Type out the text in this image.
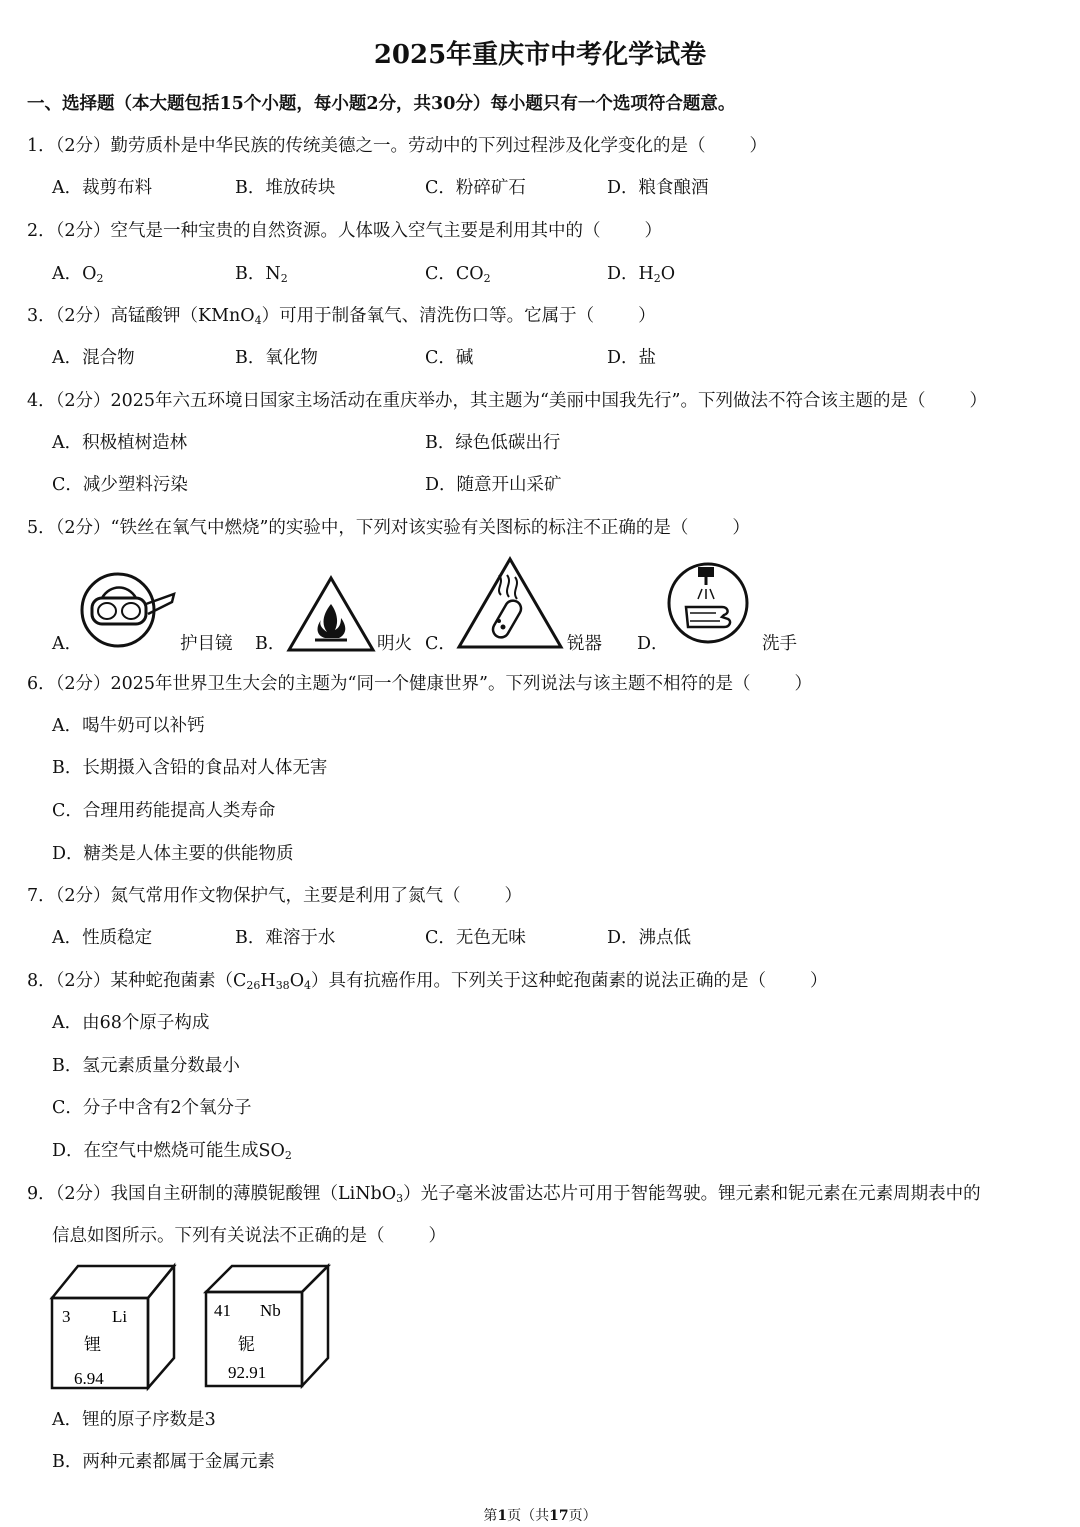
2025年重庆市中考化学试卷
一、选择题（本大题包括15个小题，每小题2分，共30分）每小题只有一个选项符合题意。
1．（2分）勤劳质朴是中华民族的传统美德之一。劳动中的下列过程涉及化学变化的是（	）
A．裁剪布料	B．堆放砖块	C．粉碎矿石	D．粮食酿酒
2．（2分）空气是一种宝贵的自然资源。人体吸入空气主要是利用其中的（	）
A．$O_2$	B．$N_2$	C．$CO_2$	D．$H_2O$
3．（2分）高锰酸钾（KMnO$_4$）可用于制备氧气、清洗伤口等。它属于（	）
A．混合物	B．氧化物	C．碱	D．盐
4．（2分）2025年六五环境日国家主场活动在重庆举办，其主题为“美丽中国我先行”。下列做法不符合该主题的是（	）
A．积极植树造林	B．绿色低碳出行
C．减少塑料污染	D．随意开山采矿
5．（2分）“铁丝在氧气中燃烧”的实验中，下列对该实验有关图标的标注不正确的是（	）
A．	护目镜 B．	明火 C．	锐器 D．	洗手
6．（2分）2025年世界卫生大会的主题为“同一个健康世界”。下列说法与该主题不相符的是（	）
A．喝牛奶可以补钙
B．长期摄入含铅的食品对人体无害
C．合理用药能提高人类寿命
D．糖类是人体主要的供能物质
7．（2分）氮气常用作文物保护气，主要是利用了氮气（	）
A．性质稳定	B．难溶于水	C．无色无味	D．沸点低
8．（2分）某种蛇孢菌素$(C_{26}H_{38}O_4)$具有抗癌作用。下列关于这种蛇孢菌素的说法正确的是（	）
A．由68个原子构成
B．氢元素质量分数最小
C．分子中含有2个氧分子
D．在空气中燃烧可能生成$SO_2$
9．（2分）我国自主研制的薄膜铌酸锂（LiNbO$_3$）光子毫米波雷达芯片可用于智能驾驶。锂元素和铌元素在元素周期表中的
信息如图所示。下列有关说法不正确的是（	）
3 Li
锂
6.94
41 Nb
铌
92.91
A．锂的原子序数是3
B．两种元素都属于金属元素
第1页（共17页）
